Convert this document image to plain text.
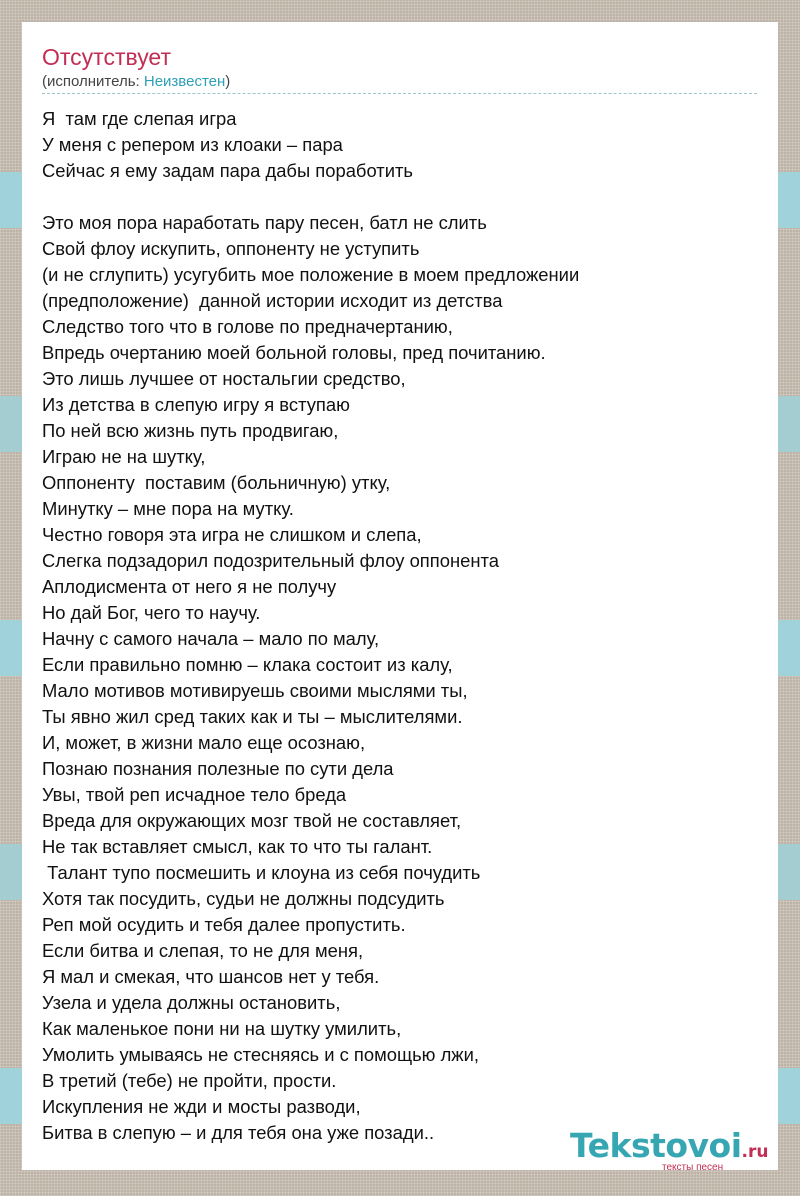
Отсутствует
(исполнитель: Неизвестен)
Я  там где слепая игра
У меня с репером из клоаки – пара
Сейчас я ему задам пара дабы поработить
Это моя пора наработать пару песен, батл не слить
Свой флоу искупить, оппоненту не уступить
(и не сглупить) усугубить мое положение в моем предложении
(предположение)  данной истории исходит из детства
Следство того что в голове по предначертанию,
Впредь очертанию моей больной головы, пред почитанию.
Это лишь лучшее от ностальгии средство,
Из детства в слепую игру я вступаю
По ней всю жизнь путь продвигаю,
Играю не на шутку,
Оппоненту  поставим (больничную) утку,
Минутку – мне пора на мутку.
Честно говоря эта игра не слишком и слепа,
Слегка подзадорил подозрительный флоу оппонента
Аплодисмента от него я не получу
Но дай Бог, чего то научу.
Начну с самого начала – мало по малу,
Если правильно помню – клака состоит из калу,
Мало мотивов мотивируешь своими мыслями ты,
Ты явно жил сред таких как и ты – мыслителями.
И, может, в жизни мало еще осознаю,
Познаю познания полезные по сути дела
Увы, твой реп исчадное тело бреда
Вреда для окружающих мозг твой не составляет,
Не так вставляет смысл, как то что ты галант.
Талант тупо посмешить и клоуна из себя почудить
Хотя так посудить, судьи не должны подсудить
Реп мой осудить и тебя далее пропустить.
Если битва и слепая, то не для меня,
Я мал и смекая, что шансов нет у тебя.
Узела и удела должны остановить,
Как маленькое пони ни на шутку умилить,
Умолить умываясь не стесняясь и с помощью лжи,
В третий (тебе) не пройти, прости.
Искупления не жди и мосты разводи,
Битва в слепую – и для тебя она уже позади..	Tekstovoi.ru
тексты песен
